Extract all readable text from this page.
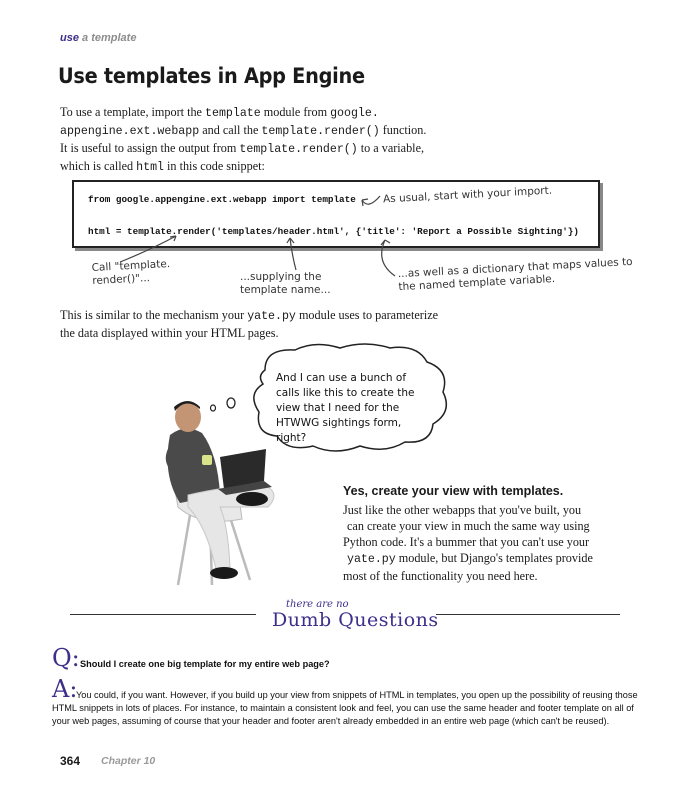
use a template
Use templates in App Engine
To use a template, import the template module from google.
appengine.ext.webapp and call the template.render() function.
It is useful to assign the output from template.render() to a variable,
which is called html in this code snippet:
from google.appengine.ext.webapp import template
html = template.render('templates/header.html', {'title': 'Report a Possible Sighting'})
As usual, start with your import.
Call "template.
render()"...	...supplying the
template name...
...as well as a dictionary that maps values to
the named template variable.
This is similar to the mechanism your yate.py module uses to parameterize
the data displayed within your HTML pages.
And I can use a bunch of calls like this to create the view that I need for the HTWWG sightings form, right?
Yes, create your view with templates.
Just like the other webapps that you've built, you
can create your view in much the same way using
Python code. It's a bummer that you can't use your
yate.py module, but Django's templates provide
most of the functionality you need here.
there are no
Dumb Questions
Q: Should I create one big template for my entire web page?
A:
You could, if you want. However, if you build up your view from snippets of HTML in templates, you open up the possibility of reusing those
HTML snippets in lots of places. For instance, to maintain a consistent look and feel, you can use the same header and footer template on all of
your web pages, assuming of course that your header and footer aren't already embedded in an entire web page (which can't be reused).
364 Chapter 10
